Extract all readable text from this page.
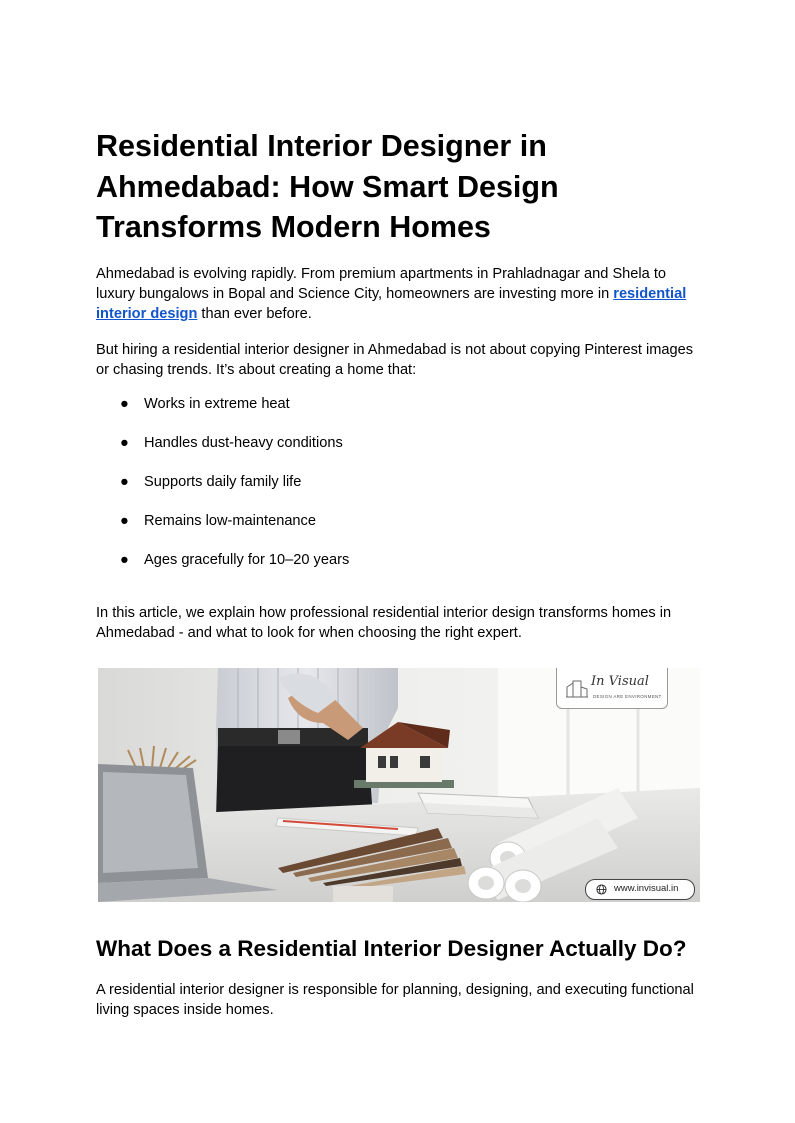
Residential Interior Designer in Ahmedabad: How Smart Design Transforms Modern Homes

Ahmedabad is evolving rapidly. From premium apartments in Prahladnagar and Shela to luxury bungalows in Bopal and Science City, homeowners are investing more in residential interior design than ever before.

But hiring a residential interior designer in Ahmedabad is not about copying Pinterest images or chasing trends. It’s about creating a home that:

● Works in extreme heat
● Handles dust-heavy conditions
● Supports daily family life
● Remains low-maintenance
● Ages gracefully for 10–20 years

In this article, we explain how professional residential interior design transforms homes in Ahmedabad - and what to look for when choosing the right expert.

In Visual
DESIGN ARE ENVIRONMENT
www.invisual.in
What Does a Residential Interior Designer Actually Do?

A residential interior designer is responsible for planning, designing, and executing functional living spaces inside homes.
